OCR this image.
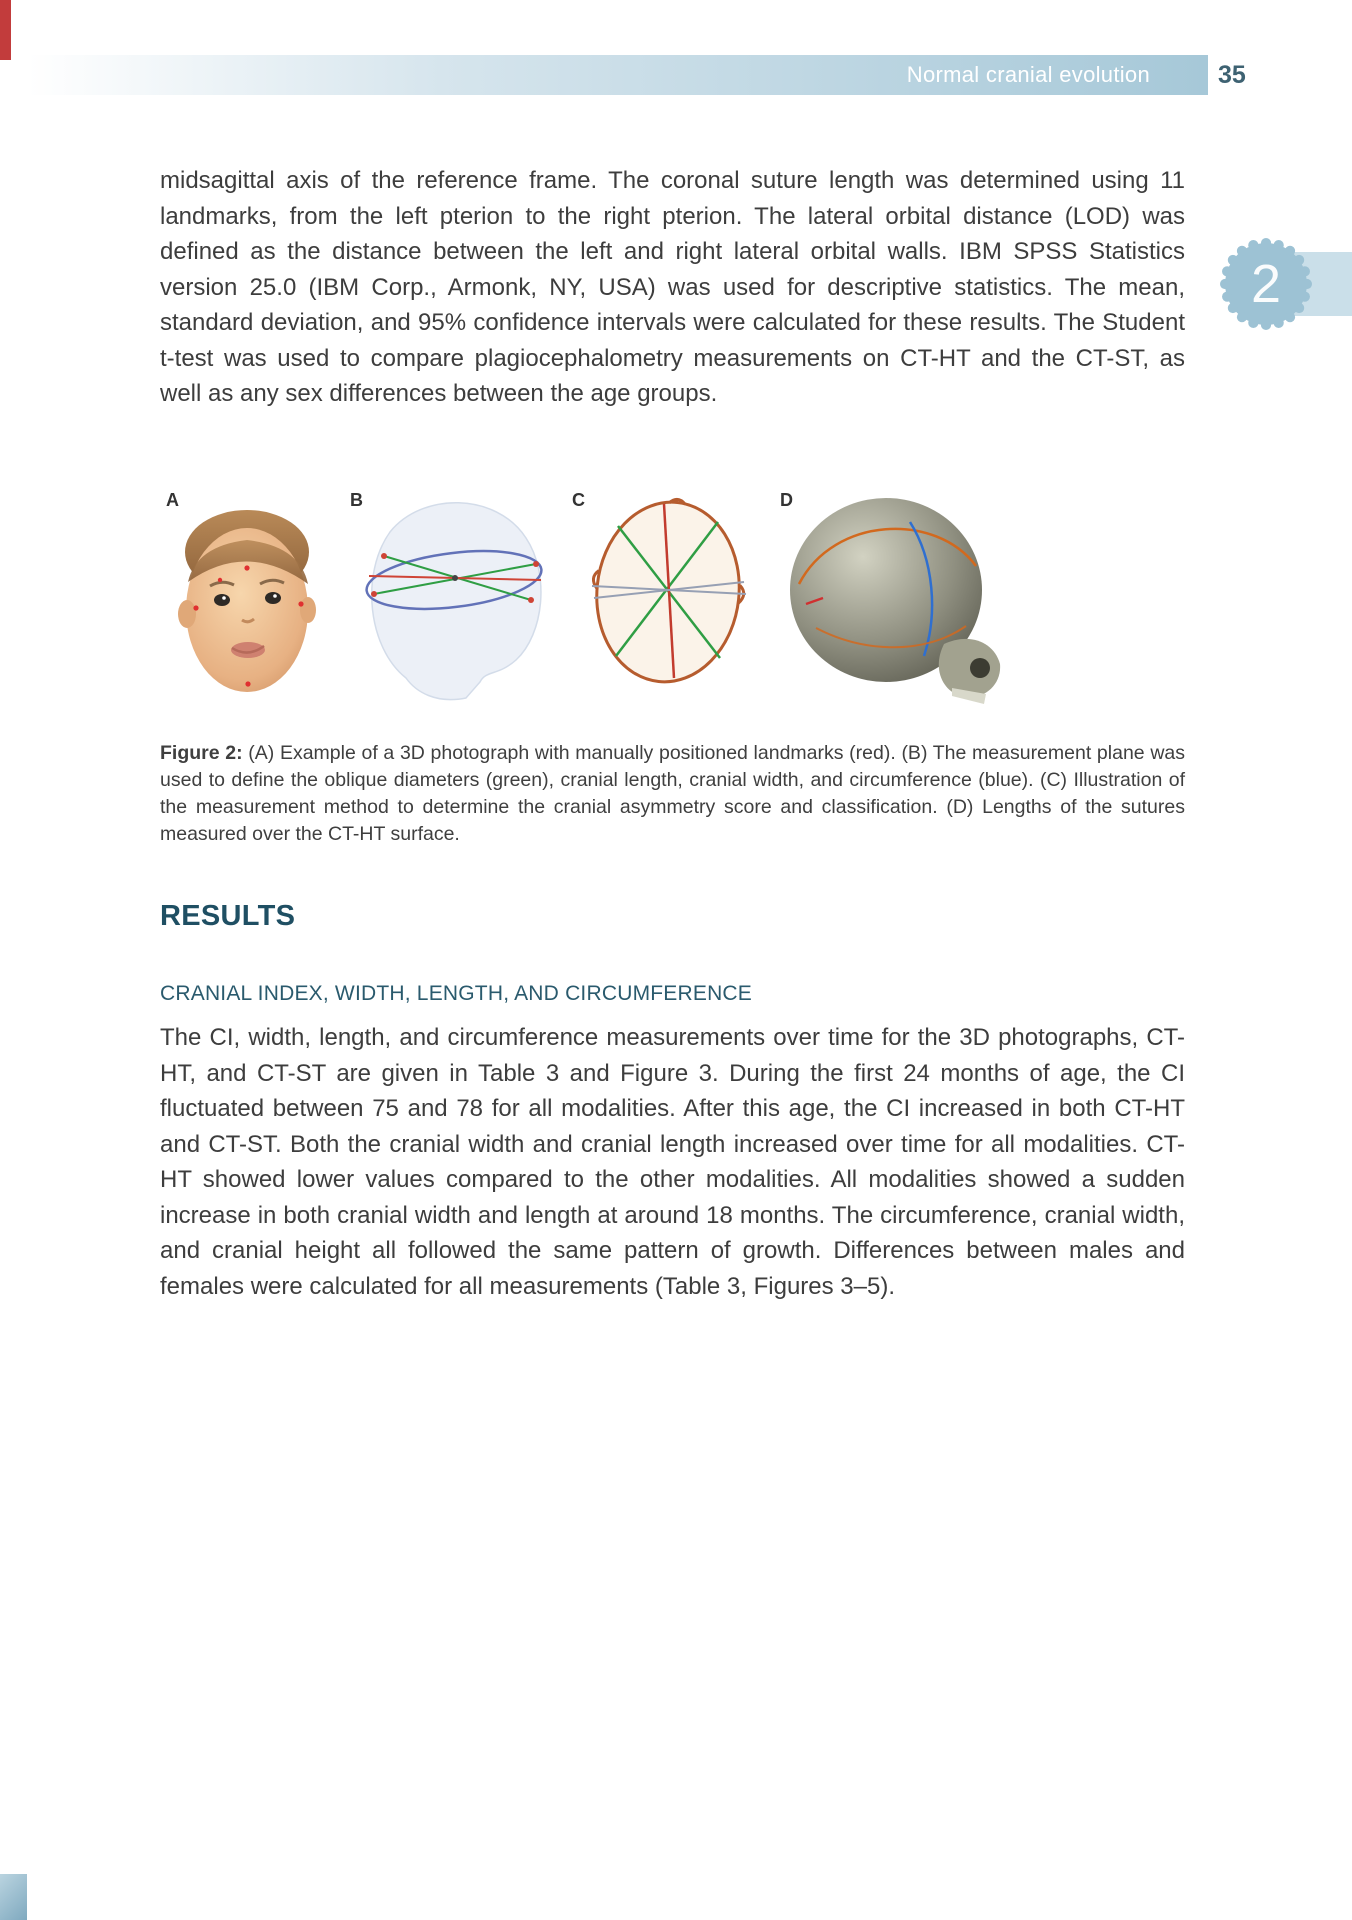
Normal cranial evolution	35
2

midsagittal axis of the reference frame. The coronal suture length was determined using 11 landmarks, from the left pterion to the right pterion. The lateral orbital distance (LOD) was defined as the distance between the left and right lateral orbital walls. IBM SPSS Statistics version 25.0 (IBM Corp., Armonk, NY, USA) was used for descriptive statistics. The mean, standard deviation, and 95% confidence intervals were calculated for these results. The Student t-test was used to compare plagiocephalometry measurements on CT-HT and the CT-ST, as well as any sex differences between the age groups.

A	B	C	D

Figure 2: (A) Example of a 3D photograph with manually positioned landmarks (red). (B) The measurement plane was used to define the oblique diameters (green), cranial length, cranial width, and circumference (blue). (C) Illustration of the measurement method to determine the cranial asymmetry score and classification. (D) Lengths of the sutures measured over the CT-HT surface.

RESULTS
CRANIAL INDEX, WIDTH, LENGTH, AND CIRCUMFERENCE

The CI, width, length, and circumference measurements over time for the 3D photographs, CT-HT, and CT-ST are given in Table 3 and Figure 3. During the first 24 months of age, the CI fluctuated between 75 and 78 for all modalities. After this age, the CI increased in both CT-HT and CT-ST. Both the cranial width and cranial length increased over time for all modalities. CT-HT showed lower values compared to the other modalities. All modalities showed a sudden increase in both cranial width and length at around 18 months. The circumference, cranial width, and cranial height all followed the same pattern of growth. Differences between males and females were calculated for all measurements (Table 3, Figures 3–5).
